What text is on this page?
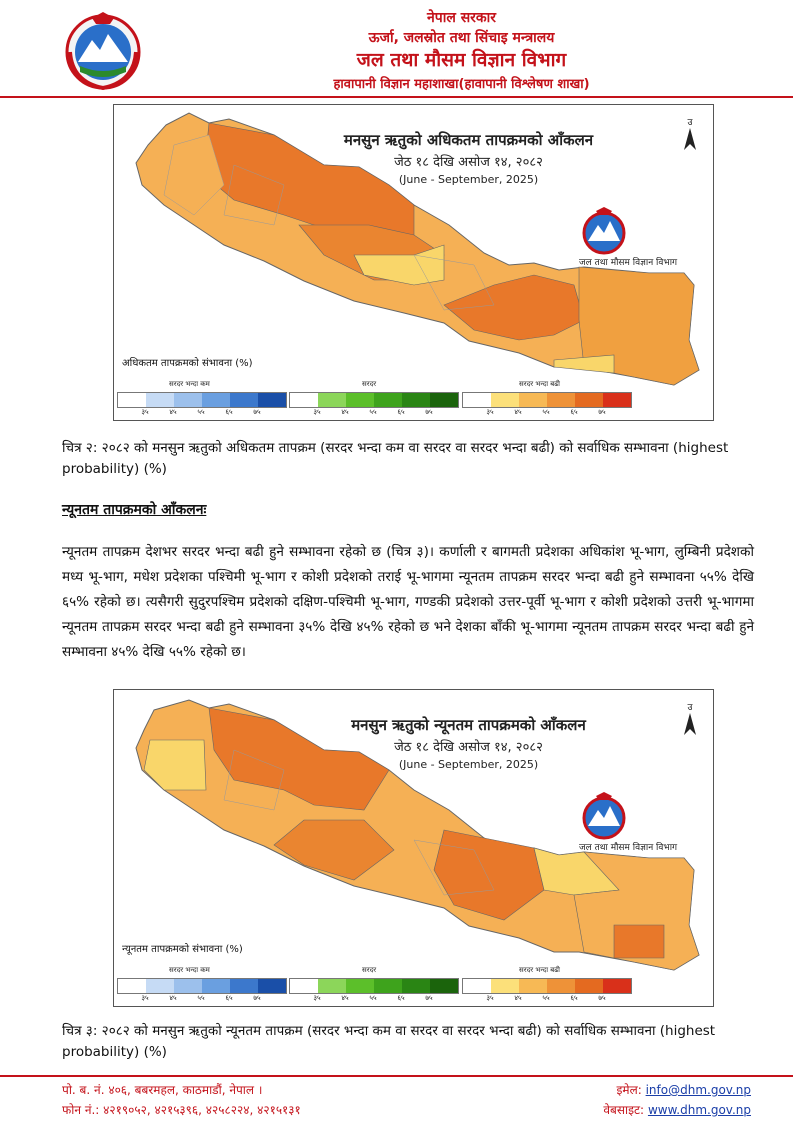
नेपाल सरकार
ऊर्जा, जलस्रोत तथा सिंचाइ मन्त्रालय
जल तथा मौसम विज्ञान विभाग
हावापानी विज्ञान महाशाखा(हावापानी विश्लेषण शाखा)
मनसुन ऋतुको अधिकतम तापक्रमको आँकलन
जेठ १८ देखि असोज १४, २०८२
(June - September, 2025)
उ
जल तथा मौसम विज्ञान विभाग
अधिकतम तापक्रमको संभावना (%)
सरदर भन्दा कम
३५	४५	५५	६५	७५
सरदर
३५	४५	५५	६५	७५
सरदर भन्दा बढी
३५	४५	५५	६५	७५
चित्र २: २०८२ को मनसुन ऋतुको अधिकतम तापक्रम (सरदर भन्दा कम वा सरदर वा सरदर भन्दा बढी) को सर्वाधिक सम्भावना (highest probability) (%)
न्यूनतम तापक्रमको आँकलनः
न्यूनतम तापक्रम देशभर सरदर भन्दा बढी हुने सम्भावना रहेको छ (चित्र ३)। कर्णाली र बागमती प्रदेशका अधिकांश भू-भाग, लुम्बिनी प्रदेशको मध्य भू-भाग, मधेश प्रदेशका पश्चिमी भू-भाग र कोशी प्रदेशको तराई भू-भागमा न्यूनतम तापक्रम सरदर भन्दा बढी हुने सम्भावना ५५% देखि ६५% रहेको छ। त्यसैगरी सुदुरपश्चिम प्रदेशको दक्षिण-पश्चिमी भू-भाग, गण्डकी प्रदेशको उत्तर-पूर्वी भू-भाग र कोशी प्रदेशको उत्तरी भू-भागमा न्यूनतम तापक्रम सरदर भन्दा बढी हुने सम्भावना ३५% देखि ४५% रहेको छ भने देशका बाँकी भू-भागमा न्यूनतम तापक्रम सरदर भन्दा बढी हुने सम्भावना ४५% देखि ५५% रहेको छ।
मनसुन ऋतुको न्यूनतम तापक्रमको आँकलन
जेठ १८ देखि असोज १४, २०८२
(June - September, 2025)
उ
जल तथा मौसम विज्ञान विभाग
न्यूनतम तापक्रमको संभावना (%)
सरदर भन्दा कम
३५	४५	५५	६५	७५
सरदर
३५	४५	५५	६५	७५
सरदर भन्दा बढी
३५	४५	५५	६५	७५
चित्र ३: २०८२ को मनसुन ऋतुको न्यूनतम तापक्रम (सरदर भन्दा कम वा सरदर वा सरदर भन्दा बढी) को सर्वाधिक सम्भावना (highest probability) (%)
पो. ब. नं. ४०६, बबरमहल, काठमाडौं, नेपाल ।
फोन नं.: ४२१९०५२, ४२१५३९६, ४२५८२२४, ४२१५१३१
इमेल: info@dhm.gov.np
वेबसाइट: www.dhm.gov.np
